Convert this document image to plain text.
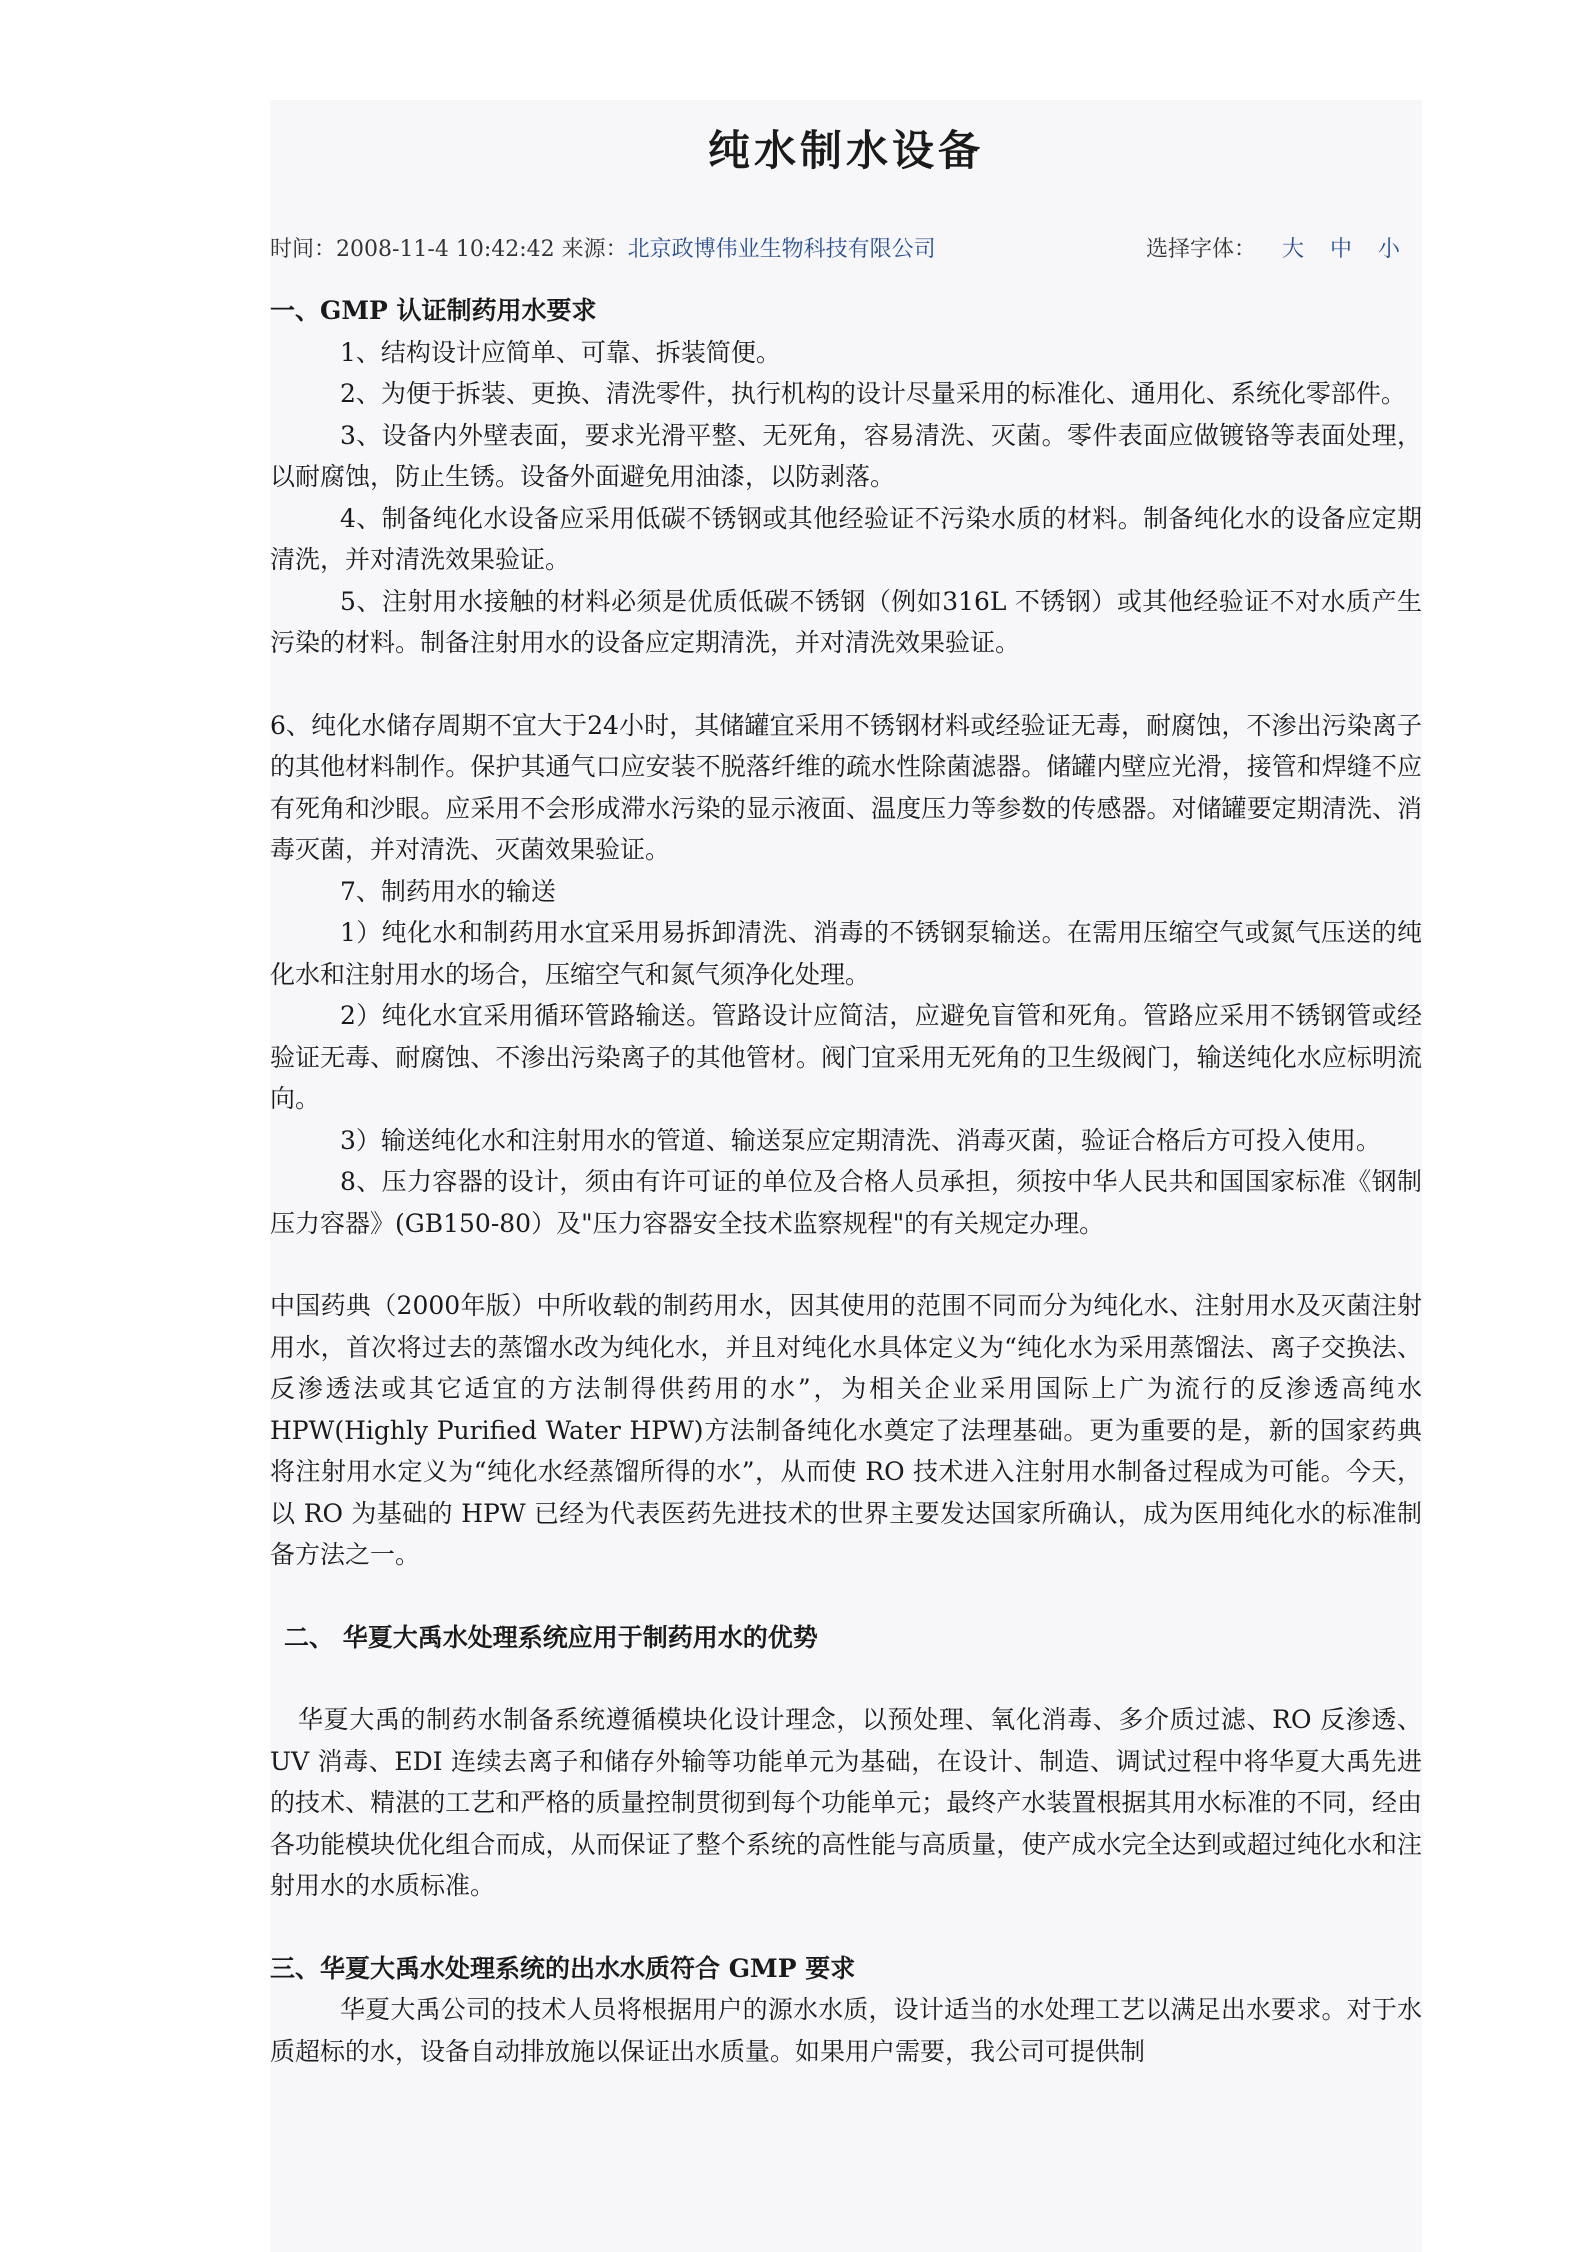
纯水制水设备
时间：2008-11-4 10:42:42 来源：北京政博伟业生物科技有限公司	选择字体： 大 中 小

一、GMP 认证制药用水要求

1、结构设计应简单、可靠、拆装简便。

2、为便于拆装、更换、清洗零件，执行机构的设计尽量采用的标准化、通用化、系统化零部件。

3、设备内外壁表面，要求光滑平整、无死角，容易清洗、灭菌。零件表面应做镀铬等表面处理，以耐腐蚀，防止生锈。设备外面避免用油漆，以防剥落。

4、制备纯化水设备应采用低碳不锈钢或其他经验证不污染水质的材料。制备纯化水的设备应定期清洗，并对清洗效果验证。

5、注射用水接触的材料必须是优质低碳不锈钢（例如316L 不锈钢）或其他经验证不对水质产生污染的材料。制备注射用水的设备应定期清洗，并对清洗效果验证。

6、纯化水储存周期不宜大于24小时，其储罐宜采用不锈钢材料或经验证无毒，耐腐蚀，不渗出污染离子的其他材料制作。保护其通气口应安装不脱落纤维的疏水性除菌滤器。储罐内壁应光滑，接管和焊缝不应有死角和沙眼。应采用不会形成滞水污染的显示液面、温度压力等参数的传感器。对储罐要定期清洗、消毒灭菌，并对清洗、灭菌效果验证。

7、制药用水的输送

1）纯化水和制药用水宜采用易拆卸清洗、消毒的不锈钢泵输送。在需用压缩空气或氮气压送的纯化水和注射用水的场合，压缩空气和氮气须净化处理。

2）纯化水宜采用循环管路输送。管路设计应简洁，应避免盲管和死角。管路应采用不锈钢管或经验证无毒、耐腐蚀、不渗出污染离子的其他管材。阀门宜采用无死角的卫生级阀门，输送纯化水应标明流向。

3）输送纯化水和注射用水的管道、输送泵应定期清洗、消毒灭菌，验证合格后方可投入使用。

8、压力容器的设计，须由有许可证的单位及合格人员承担，须按中华人民共和国国家标准《钢制压力容器》(GB150-80）及"压力容器安全技术监察规程"的有关规定办理。

中国药典（2000年版）中所收载的制药用水，因其使用的范围不同而分为纯化水、注射用水及灭菌注射用水，首次将过去的蒸馏水改为纯化水，并且对纯化水具体定义为“纯化水为采用蒸馏法、离子交换法、反渗透法或其它适宜的方法制得供药用的水”，为相关企业采用国际上广为流行的反渗透高纯水 HPW(Highly Purified Water HPW)方法制备纯化水奠定了法理基础。更为重要的是，新的国家药典将注射用水定义为“纯化水经蒸馏所得的水”，从而使 RO 技术进入注射用水制备过程成为可能。今天，以 RO 为基础的 HPW 已经为代表医药先进技术的世界主要发达国家所确认，成为医用纯化水的标准制备方法之一。

二、 华夏大禹水处理系统应用于制药用水的优势

华夏大禹的制药水制备系统遵循模块化设计理念，以预处理、氧化消毒、多介质过滤、RO 反渗透、UV 消毒、EDI 连续去离子和储存外输等功能单元为基础，在设计、制造、调试过程中将华夏大禹先进的技术、精湛的工艺和严格的质量控制贯彻到每个功能单元；最终产水装置根据其用水标准的不同，经由各功能模块优化组合而成，从而保证了整个系统的高性能与高质量，使产成水完全达到或超过纯化水和注射用水的水质标准。

三、华夏大禹水处理系统的出水水质符合 GMP 要求

华夏大禹公司的技术人员将根据用户的源水水质，设计适当的水处理工艺以满足出水要求。对于水质超标的水，设备自动排放施以保证出水质量。如果用户需要，我公司可提供制
